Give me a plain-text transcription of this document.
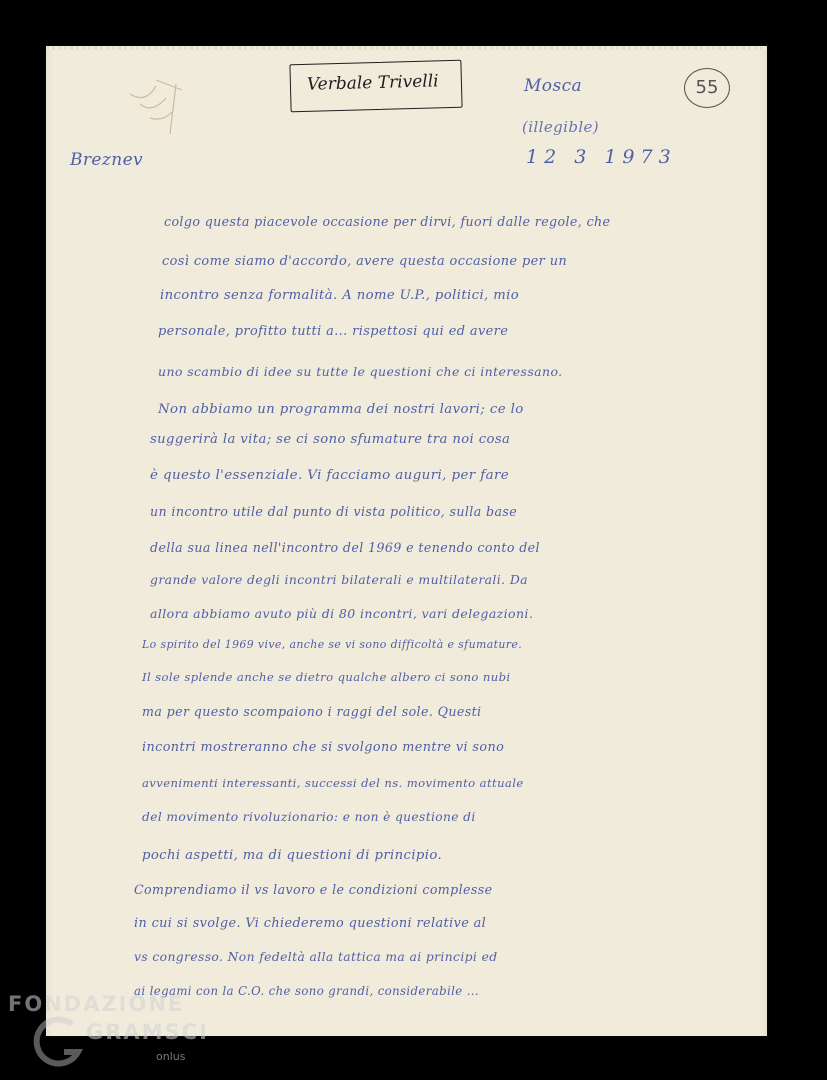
Verbale Trivelli	55
Mosca
(illegible)
12 3 1973
Breznev
colgo questa piacevole occasione per dirvi, fuori dalle regole, che
così come siamo d'accordo, avere questa occasione per un
incontro senza formalità. A nome U.P., politici, mio
personale, profitto tutti a... rispettosi qui ed avere
uno scambio di idee su tutte le questioni che ci interessano.
Non abbiamo un programma dei nostri lavori; ce lo
suggerirà la vita; se ci sono sfumature tra noi cosa
è questo l'essenziale. Vi facciamo auguri, per fare
un incontro utile dal punto di vista politico, sulla base
della sua linea nell'incontro del 1969 e tenendo conto del
grande valore degli incontri bilaterali e multilaterali. Da
allora abbiamo avuto più di 80 incontri, vari delegazioni.
Lo spirito del 1969 vive, anche se vi sono difficoltà e sfumature.
Il sole splende anche se dietro qualche albero ci sono nubi
ma per questo scompaiono i raggi del sole. Questi
incontri mostreranno che si svolgono mentre vi sono
avvenimenti interessanti, successi del ns. movimento attuale
del movimento rivoluzionario: e non è questione di
pochi aspetti, ma di questioni di principio.
Comprendiamo il vs lavoro e le condizioni complesse
in cui si svolge. Vi chiederemo questioni relative al
vs congresso. Non fedeltà alla tattica ma ai principi ed
ai legami con la C.O. che sono grandi, considerabile ...
FONDAZIONE
GRAMSCI
onlus
